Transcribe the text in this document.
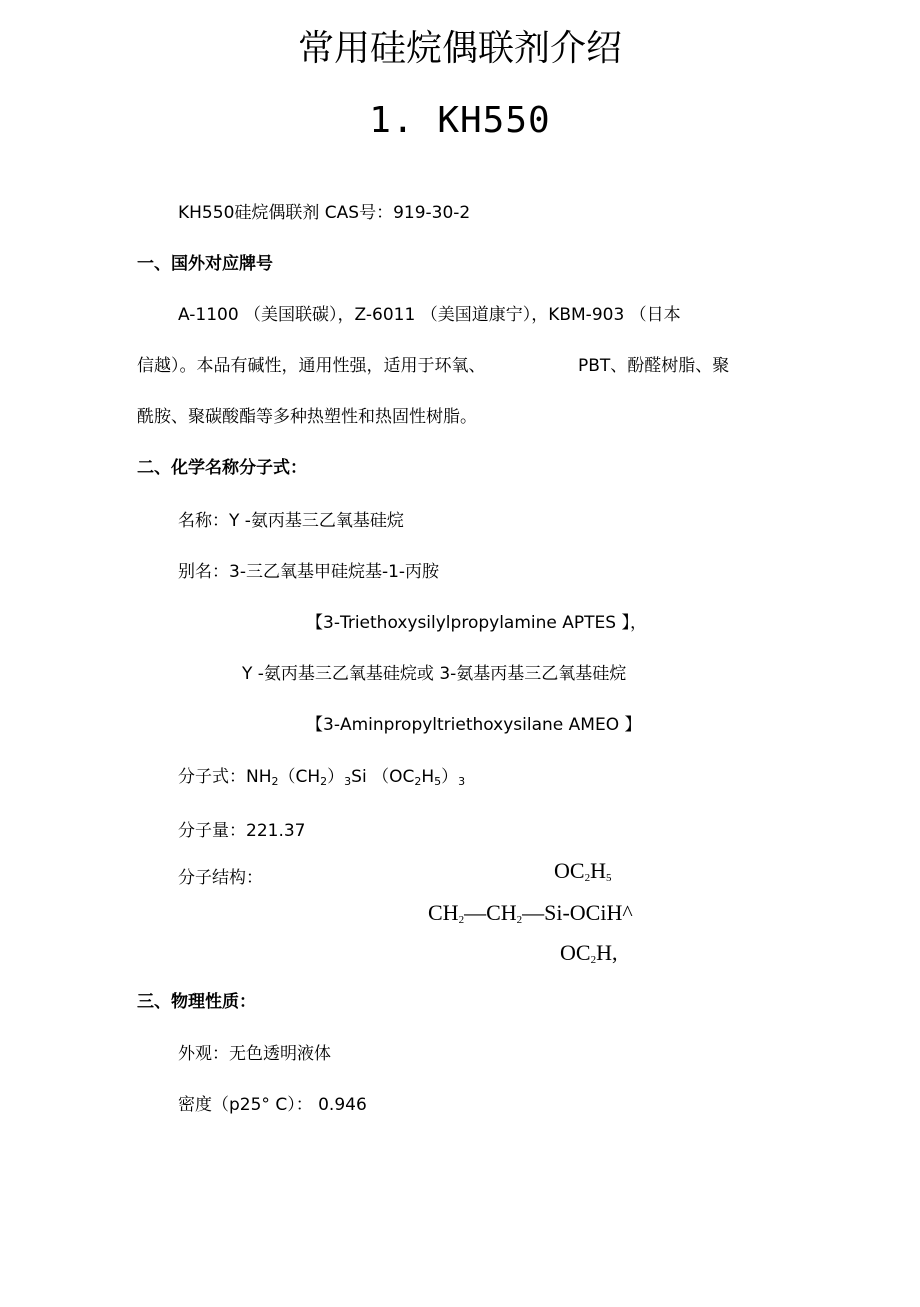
常用硅烷偶联剂介绍
1. KH550
KH550硅烷偶联剂 CAS号：919-30-2
一、国外对应牌号
A-1100 （美国联碳），Z-6011 （美国道康宁），KBM-903 （日本
信越）。本品有碱性，通用性强，适用于环氧、	PBT、酚醛树脂、聚
酰胺、聚碳酸酯等多种热塑性和热固性树脂。
二、化学名称分子式：
名称：Y -氨丙基三乙氧基硅烷
别名：3-三乙氧基甲硅烷基-1-丙胺
【3-Triethoxysilylpropylamine APTES 】，
Y -氨丙基三乙氧基硅烷或 3-氨基丙基三乙氧基硅烷
【3-Aminpropyltriethoxysilane AMEO 】
分子式：$NH_2(CH_2)_3Si$ $(OC_2H_5)_3$
分子量：221.37
分子结构：	$OC_2H_5$
$CH_2—CH_2—Si-OCiH\^{}$
$OC_2H$,
三、物理性质：
外观：无色透明液体
密度（p25° C）： 0.946
